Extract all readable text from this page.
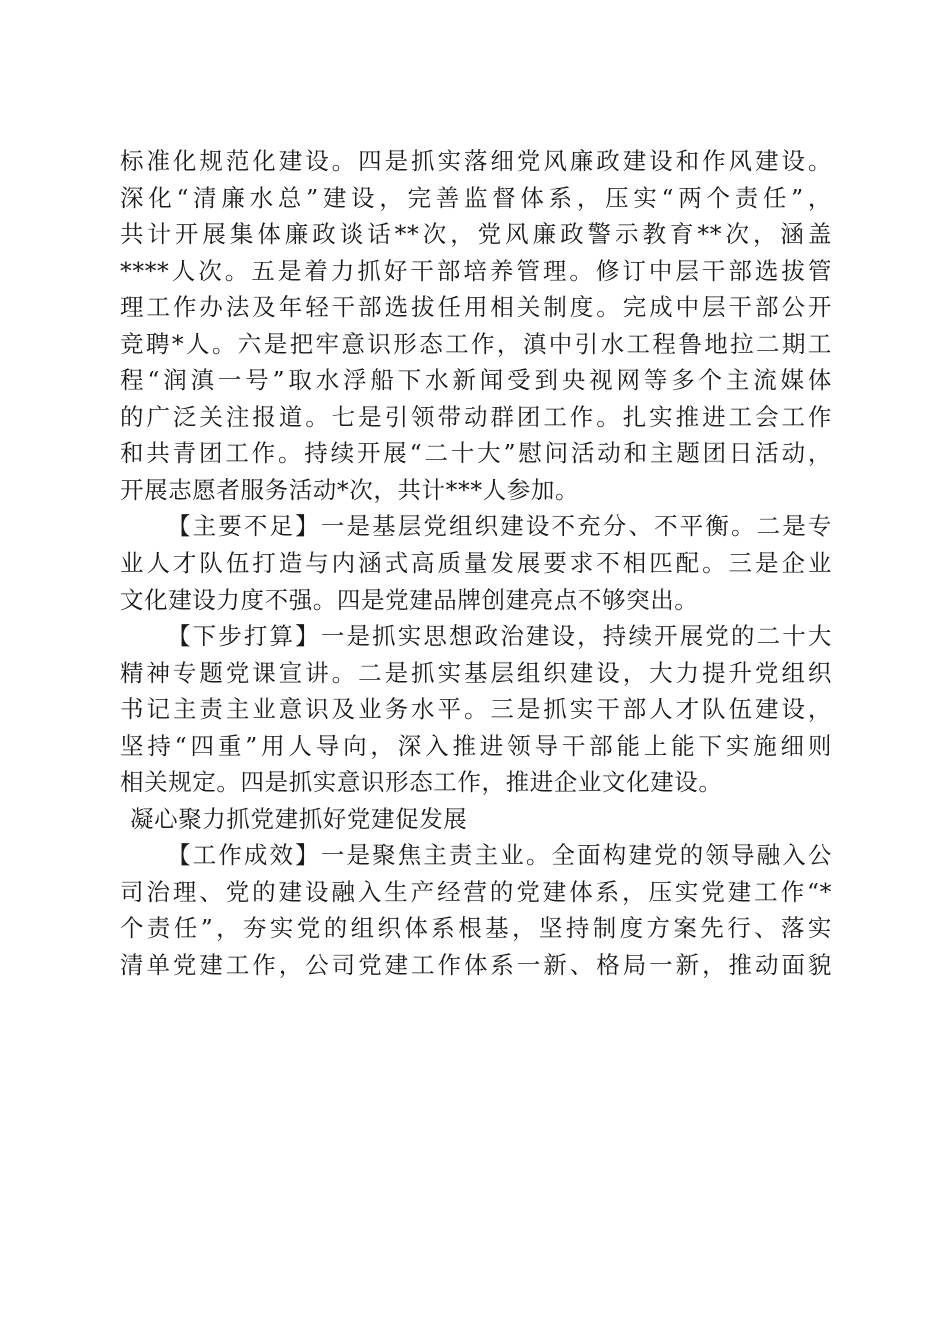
标准化规范化建设。四是抓实落细党风廉政建设和作风建设。
深化“清廉水总”建设，完善监督体系，压实“两个责任”，
共计开展集体廉政谈话**次，党风廉政警示教育**次，涵盖
****人次。五是着力抓好干部培养管理。修订中层干部选拔管
理工作办法及年轻干部选拔任用相关制度。完成中层干部公开
竞聘*人。六是把牢意识形态工作，滇中引水工程鲁地拉二期工
程“润滇一号”取水浮船下水新闻受到央视网等多个主流媒体
的广泛关注报道。七是引领带动群团工作。扎实推进工会工作
和共青团工作。持续开展“二十大”慰问活动和主题团日活动，
开展志愿者服务活动*次，共计***人参加。
【主要不足】一是基层党组织建设不充分、不平衡。二是专
业人才队伍打造与内涵式高质量发展要求不相匹配。三是企业
文化建设力度不强。四是党建品牌创建亮点不够突出。
【下步打算】一是抓实思想政治建设，持续开展党的二十大
精神专题党课宣讲。二是抓实基层组织建设，大力提升党组织
书记主责主业意识及业务水平。三是抓实干部人才队伍建设，
坚持“四重”用人导向，深入推进领导干部能上能下实施细则
相关规定。四是抓实意识形态工作，推进企业文化建设。
凝心聚力抓党建抓好党建促发展
【工作成效】一是聚焦主责主业。全面构建党的领导融入公
司治理、党的建设融入生产经营的党建体系，压实党建工作“*
个责任”，夯实党的组织体系根基，坚持制度方案先行、落实
清单党建工作，公司党建工作体系一新、格局一新，推动面貌
